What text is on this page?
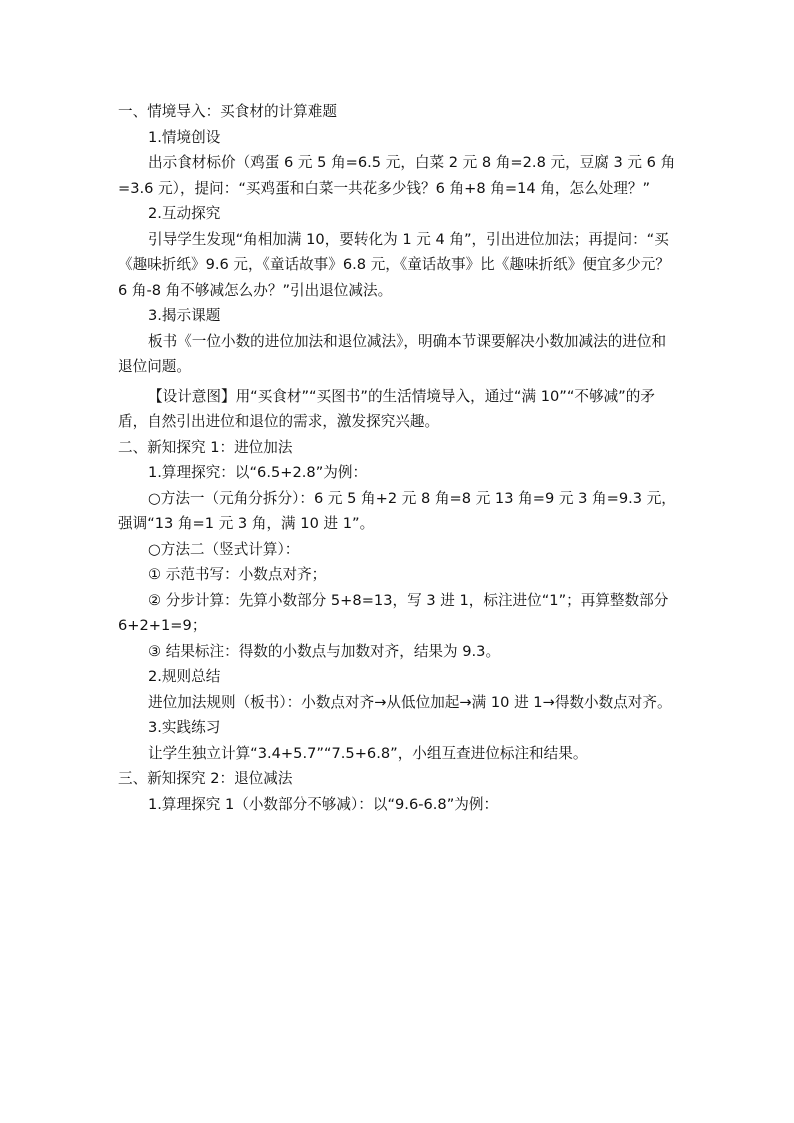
一、情境导入：买食材的计算难题

1.情境创设

出示食材标价（鸡蛋 6 元 5 角=6.5 元，白菜 2 元 8 角=2.8 元，豆腐 3 元 6 角=3.6 元），提问：“买鸡蛋和白菜一共花多少钱？6 角+8 角=14 角，怎么处理？”

2.互动探究

引导学生发现“角相加满 10，要转化为 1 元 4 角”，引出进位加法；再提问：“买《趣味折纸》9.6 元，《童话故事》6.8 元，《童话故事》比《趣味折纸》便宜多少元？6 角-8 角不够减怎么办？”引出退位减法。

3.揭示课题

板书《一位小数的进位加法和退位减法》，明确本节课要解决小数加减法的进位和退位问题。

【设计意图】用“买食材”“买图书”的生活情境导入，通过“满 10”“不够减”的矛盾，自然引出进位和退位的需求，激发探究兴趣。

二、新知探究 1：进位加法

1.算理探究：以“6.5+2.8”为例：

○方法一（元角分拆分）：6 元 5 角+2 元 8 角=8 元 13 角=9 元 3 角=9.3 元，强调“13 角=1 元 3 角，满 10 进 1”。

○方法二（竖式计算）：

① 示范书写：小数点对齐；

② 分步计算：先算小数部分 5+8=13，写 3 进 1，标注进位“1”；再算整数部分 6+2+1=9；

③ 结果标注：得数的小数点与加数对齐，结果为 9.3。

2.规则总结

进位加法规则（板书）：小数点对齐→从低位加起→满 10 进 1→得数小数点对齐。

3.实践练习

让学生独立计算“3.4+5.7”“7.5+6.8”，小组互查进位标注和结果。

三、新知探究 2：退位减法

1.算理探究 1（小数部分不够减）：以“9.6-6.8”为例：
